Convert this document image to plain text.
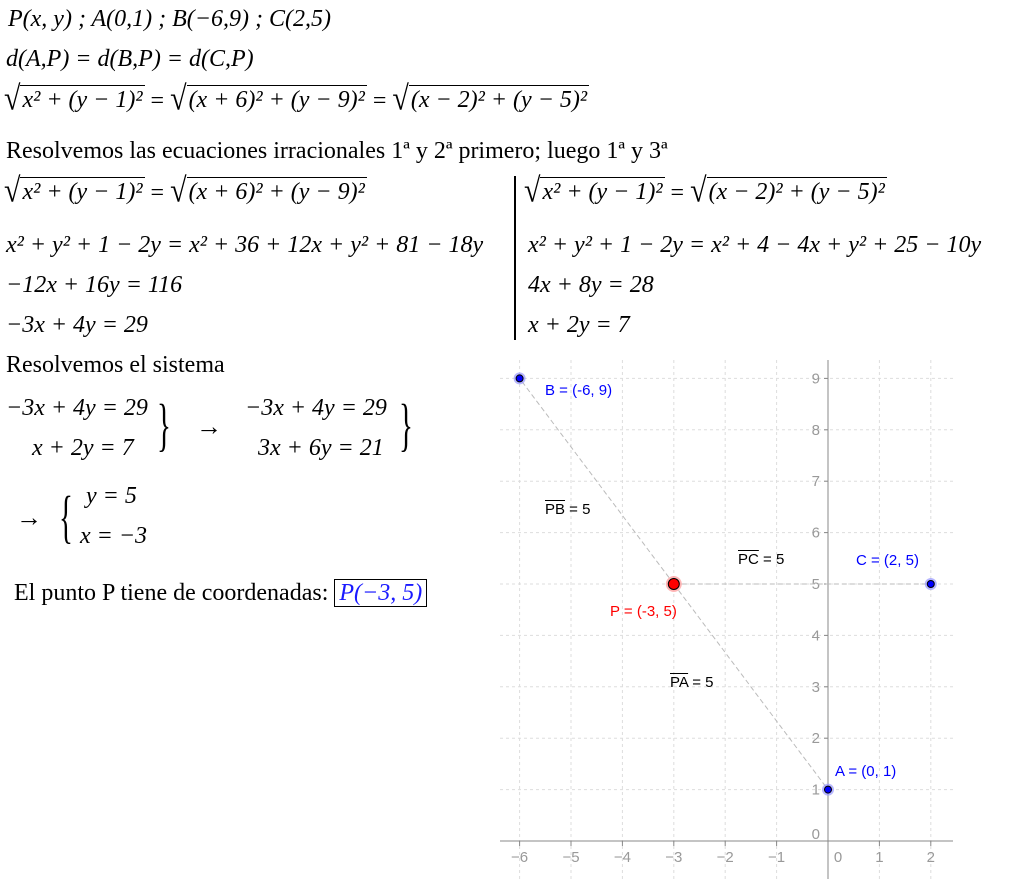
P(x, y) ; A(0,1) ; B(−6,9) ; C(2,5)
d(A,P) = d(B,P) = d(C,P)
√ x² + (y − 1)² = √ (x + 6)² + (y − 9)² = √ (x − 2)² + (y − 5)²
Resolvemos las ecuaciones irracionales 1ª y 2ª primero; luego 1ª y 3ª
√ x² + (y − 1)² = √ (x + 6)² + (y − 9)²
x² + y² + 1 − 2y = x² + 36 + 12x + y² + 81 − 18y
−12x + 16y = 116
−3x + 4y = 29
√ x² + (y − 1)² = √ (x − 2)² + (y − 5)²
x² + y² + 1 − 2y = x² + 4 − 4x + y² + 25 − 10y
4x + 8y = 28
x + 2y = 7
Resolvemos el sistema
−3x + 4y = 29
x + 2y = 7 } →
−3x + 4y = 29
3x + 6y = 21 }
→ { y = 5
x = −3
El punto P tiene de coordenadas: P(−3, 5)
−6 −5 −4 −3 −2 −1	0 1	2
0
1
2
3
4
5
6
7
8
9
B = (-6, 9)
C = (2, 5)
A = (0, 1)
P = (-3, 5)
$\overline{PB} = 5$
$\overline{PC} = 5$
$\overline{PA} = 5$
